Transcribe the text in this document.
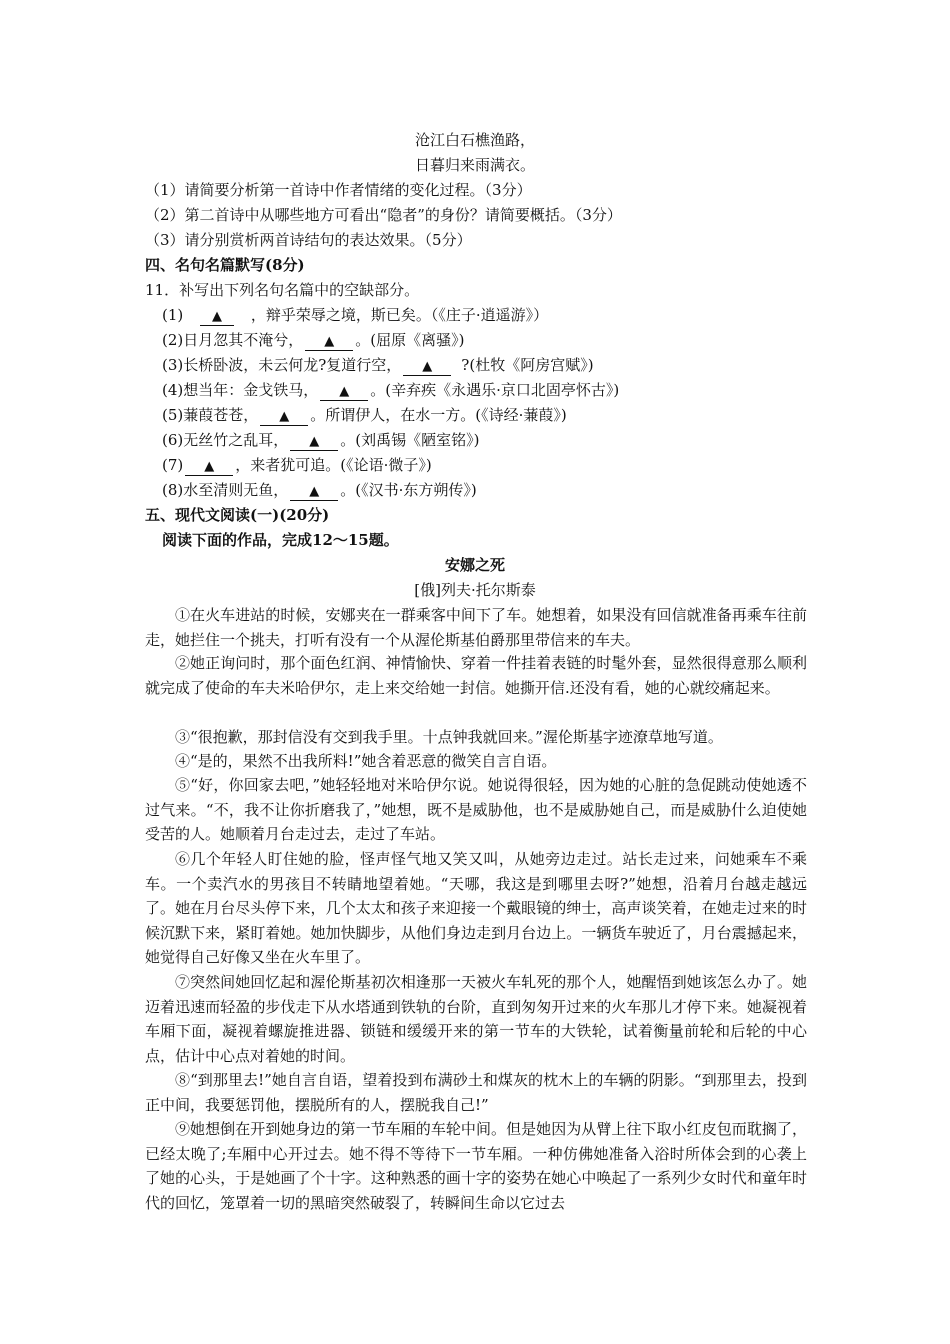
沧江白石樵渔路，
日暮归来雨满衣。
（1）请简要分析第一首诗中作者情绪的变化过程。（3分）
（2）第二首诗中从哪些地方可看出“隐者”的身份？请简要概括。（3分）
（3）请分别赏析两首诗结句的表达效果。（5分）
四、名句名篇默写(8分)
11．补写出下列名句名篇中的空缺部分。
(1) ▲ ，辩乎荣辱之境，斯已矣。（《庄子·逍遥游》）
(2)日月忽其不淹兮， ▲ 。(屈原《离骚》)
(3)长桥卧波，未云何龙?复道行空， ▲ ?(杜牧《阿房宫赋》)
(4)想当年：金戈铁马， ▲ 。(辛弃疾《永遇乐·京口北固亭怀古》)
(5)蒹葭苍苍， ▲ 。所谓伊人，在水一方。(《诗经·蒹葭》)
(6)无丝竹之乱耳， ▲ 。(刘禹锡《陋室铭》)
(7) ▲ ，来者犹可追。(《论语·微子》)
(8)水至清则无鱼， ▲ 。(《汉书·东方朔传》)
五、现代文阅读(一)(20分)
阅读下面的作品，完成12～15题。
安娜之死
[俄]列夫·托尔斯泰
①在火车进站的时候，安娜夹在一群乘客中间下了车。她想着，如果没有回信就准备再乘车往前走，她拦住一个挑夫，打听有没有一个从渥伦斯基伯爵那里带信来的车夫。
②她正询问时，那个面色红润、神情愉快、穿着一件挂着表链的时髦外套，显然很得意那么顺利就完成了使命的车夫米哈伊尔，走上来交给她一封信。她撕开信.还没有看，她的心就绞痛起来。
③“很抱歉，那封信没有交到我手里。十点钟我就回来。”渥伦斯基字迹潦草地写道。
④“是的，果然不出我所料!”她含着恶意的微笑自言自语。
⑤“好，你回家去吧，”她轻轻地对米哈伊尔说。她说得很轻，因为她的心脏的急促跳动使她透不过气来。“不，我不让你折磨我了，”她想，既不是威胁他，也不是威胁她自己，而是威胁什么迫使她受苦的人。她顺着月台走过去，走过了车站。
⑥几个年轻人盯住她的脸，怪声怪气地又笑又叫，从她旁边走过。站长走过来，问她乘车不乘车。一个卖汽水的男孩目不转睛地望着她。“天哪，我这是到哪里去呀?”她想，沿着月台越走越远了。她在月台尽头停下来，几个太太和孩子来迎接一个戴眼镜的绅士，高声谈笑着，在她走过来的时候沉默下来，紧盯着她。她加快脚步，从他们身边走到月台边上。一辆货车驶近了，月台震撼起来，她觉得自己好像又坐在火车里了。
⑦突然间她回忆起和渥伦斯基初次相逢那一天被火车轧死的那个人，她醒悟到她该怎么办了。她迈着迅速而轻盈的步伐走下从水塔通到铁轨的台阶，直到匆匆开过来的火车那儿才停下来。她凝视着车厢下面，凝视着螺旋推进器、锁链和缓缓开来的第一节车的大铁轮，试着衡量前轮和后轮的中心点，估计中心点对着她的时间。
⑧“到那里去!”她自言自语，望着投到布满砂土和煤灰的枕木上的车辆的阴影。“到那里去，投到正中间，我要惩罚他，摆脱所有的人，摆脱我自己!”
⑨她想倒在开到她身边的第一节车厢的车轮中间。但是她因为从臂上往下取小红皮包而耽搁了，已经太晚了;车厢中心开过去。她不得不等待下一节车厢。一种仿佛她准备入浴时所体会到的心袭上了她的心头，于是她画了个十字。这种熟悉的画十字的姿势在她心中唤起了一系列少女时代和童年时代的回忆，笼罩着一切的黑暗突然破裂了，转瞬间生命以它过去
